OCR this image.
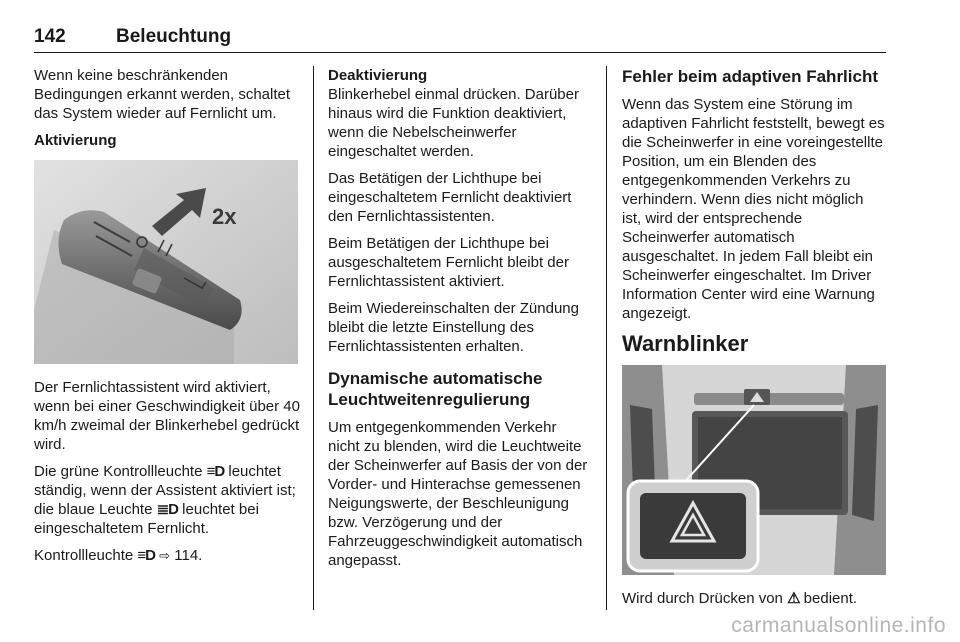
142	Beleuchtung

Wenn keine beschränkenden Bedingungen erkannt werden, schaltet das System wieder auf Fernlicht um.

Aktivierung

2x

Der Fernlichtassistent wird aktiviert, wenn bei einer Geschwindigkeit über 40 km/h zweimal der Blinkerhebel gedrückt wird.

Die grüne Kontrollleuchte ≡D leuchtet ständig, wenn der Assistent aktiviert ist; die blaue Leuchte ≣D leuchtet bei eingeschaltetem Fernlicht.

Kontrollleuchte ≡D ⇨ 114.

Deaktivierung

Blinkerhebel einmal drücken. Darüber hinaus wird die Funktion deaktiviert, wenn die Nebelscheinwerfer eingeschaltet werden.

Das Betätigen der Lichthupe bei eingeschaltetem Fernlicht deaktiviert den Fernlichtassistenten.

Beim Betätigen der Lichthupe bei ausgeschaltetem Fernlicht bleibt der Fernlichtassistent aktiviert.

Beim Wiedereinschalten der Zündung bleibt die letzte Einstellung des Fernlichtassistenten erhalten.

Dynamische automatische Leuchtweitenregulierung

Um entgegenkommenden Verkehr nicht zu blenden, wird die Leuchtweite der Scheinwerfer auf Basis der von der Vorder- und Hinterachse gemessenen Neigungswerte, der Beschleunigung bzw. Verzögerung und der Fahrzeuggeschwindigkeit automatisch angepasst.

Fehler beim adaptiven Fahrlicht

Wenn das System eine Störung im adaptiven Fahrlicht feststellt, bewegt es die Scheinwerfer in eine voreingestellte Position, um ein Blenden des entgegenkommenden Verkehrs zu verhindern. Wenn dies nicht möglich ist, wird der entsprechende Scheinwerfer automatisch ausgeschaltet. In jedem Fall bleibt ein Scheinwerfer eingeschaltet. Im Driver Information Center wird eine Warnung angezeigt.

Warnblinker

Wird durch Drücken von ⚠ bedient.

carmanualsonline.info
